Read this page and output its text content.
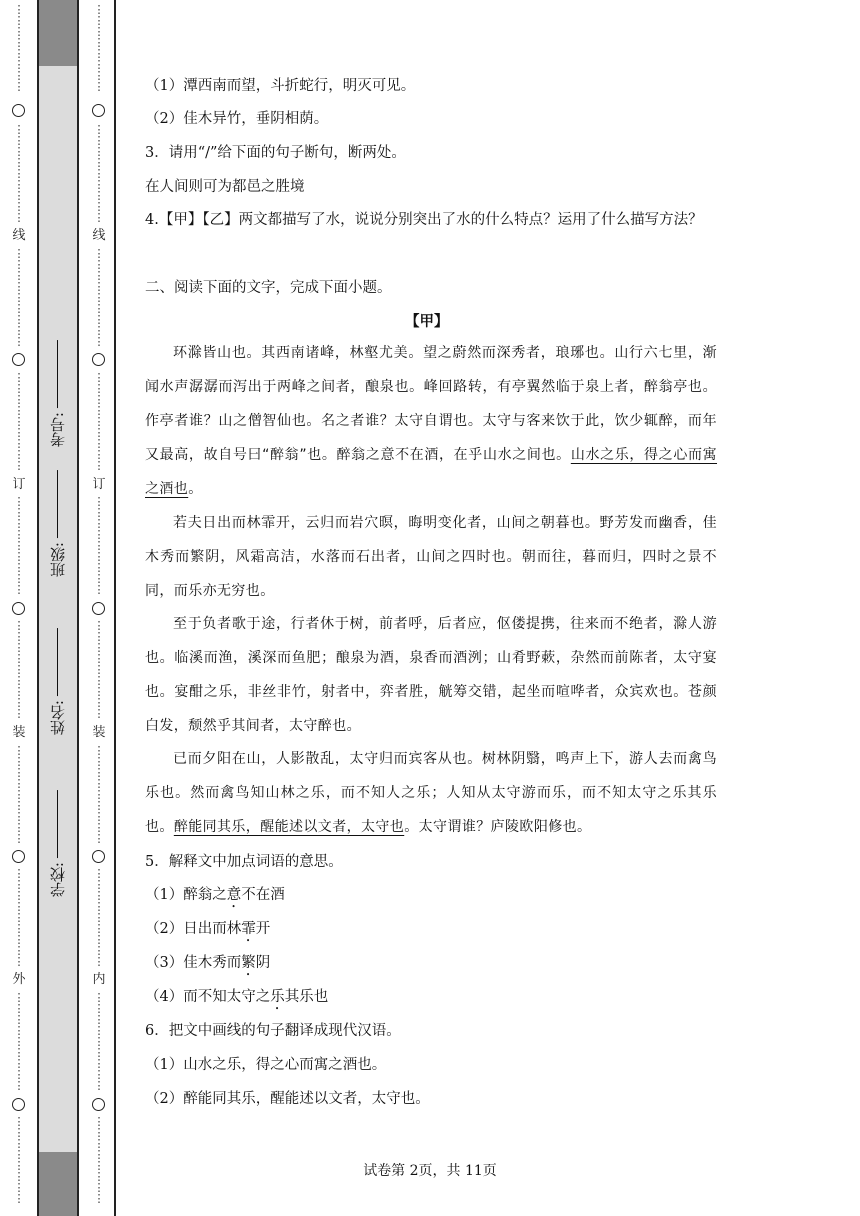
⋮
⋮
⋮
⋮
⋮
⋮
⋮
⋮
⋮
⋮
⋮
⋮
⋮
⋮
⋮
⋮
⋮
线
⋮
⋮
⋮
⋮
⋮
⋮
⋮
⋮
⋮
⋮
⋮
⋮
⋮
⋮
⋮
⋮
⋮
⋮
订
⋮
⋮
⋮
⋮
⋮
⋮
⋮
⋮
⋮
⋮
⋮
⋮
⋮
⋮
⋮
⋮
⋮
⋮
装
⋮
⋮
⋮
⋮
⋮
⋮
⋮
⋮
⋮
⋮
⋮
⋮
⋮
⋮
⋮
⋮
⋮
⋮
外
⋮
⋮
⋮
⋮
⋮
⋮
⋮
⋮
⋮
⋮
⋮
⋮
⋮
⋮
⋮
⋮
⋮
⋮
⋮
⋮
⋮
⋮
⋮
⋮
⋮
⋮
⋮
⋮
⋮
⋮
⋮
⋮
⋮
⋮
线
⋮
⋮
⋮
⋮
⋮
⋮
⋮
⋮
⋮
⋮
⋮
⋮
⋮
⋮
⋮
⋮
⋮
⋮
订
⋮
⋮
⋮
⋮
⋮
⋮
⋮
⋮
⋮
⋮
⋮
⋮
⋮
⋮
⋮
⋮
⋮
⋮
装
⋮
⋮
⋮
⋮
⋮
⋮
⋮
⋮
⋮
⋮
⋮
⋮
⋮
⋮
⋮
⋮
⋮
⋮
内
⋮
⋮
⋮
⋮
⋮
⋮
⋮
⋮
⋮
⋮
⋮
⋮
⋮
⋮
⋮
⋮
⋮
学校:
姓名:
班级:
考号:
（1）潭西南而望，斗折蛇行，明灭可见。
（2）佳木异竹，垂阴相荫。
3．请用“/”给下面的句子断句，断两处。
在人间则可为都邑之胜境
4.【甲】【乙】两文都描写了水，说说分别突出了水的什么特点？运用了什么描写方法？
二、阅读下面的文字，完成下面小题。
【甲】
环滁皆山也。其西南诸峰，林壑尤美。望之蔚然而深秀者，琅琊也。山行六七里，渐闻水声潺潺而泻出于两峰之间者，酿泉也。峰回路转，有亭翼然临于泉上者，醉翁亭也。作亭者谁？山之僧智仙也。名之者谁？太守自谓也。太守与客来饮于此，饮少辄醉，而年又最高，故自号曰“醉翁”也。醉翁之意不在酒，在乎山水之间也。山水之乐，得之心而寓之酒也。
若夫日出而林霏开，云归而岩穴暝，晦明变化者，山间之朝暮也。野芳发而幽香，佳木秀而繁阴，风霜高洁，水落而石出者，山间之四时也。朝而往，暮而归，四时之景不同，而乐亦无穷也。
至于负者歌于途，行者休于树，前者呼，后者应，伛偻提携，往来而不绝者，滁人游也。临溪而渔，溪深而鱼肥；酿泉为酒，泉香而酒洌；山肴野蔌，杂然而前陈者，太守宴也。宴酣之乐，非丝非竹，射者中，弈者胜，觥筹交错，起坐而喧哗者，众宾欢也。苍颜白发，颓然乎其间者，太守醉也。
已而夕阳在山，人影散乱，太守归而宾客从也。树林阴翳，鸣声上下，游人去而禽鸟乐也。然而禽鸟知山林之乐，而不知人之乐；人知从太守游而乐，而不知太守之乐其乐也。醉能同其乐，醒能述以文者，太守也。太守谓谁？庐陵欧阳修也。
5．解释文中加点词语的意思。
（1）醉翁之意不在酒
（2）日出而林霏开
（3）佳木秀而繁阴
（4）而不知太守之乐其乐也
6．把文中画线的句子翻译成现代汉语。
（1）山水之乐，得之心而寓之酒也。
（2）醉能同其乐，醒能述以文者，太守也。
试卷第 2页，共 11页
